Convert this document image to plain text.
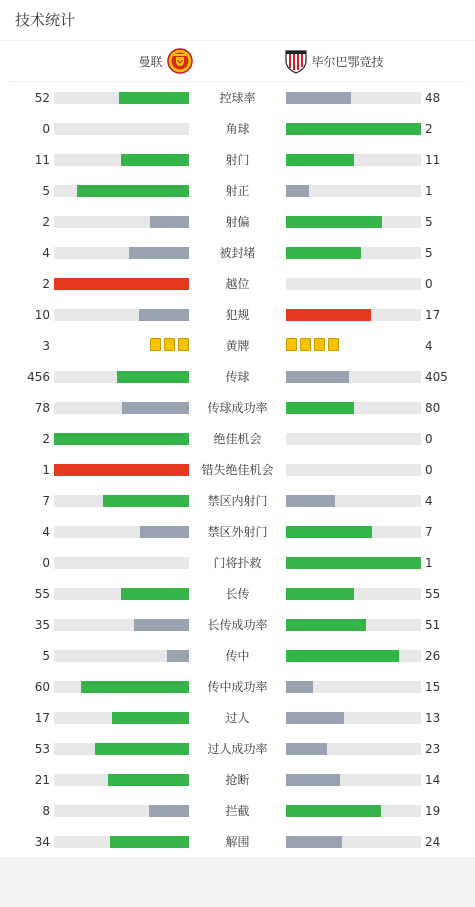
技术统计
曼联	毕尔巴鄂竞技
52	控球率	48
0	角球	2
11	射门	11
5	射正	1
2	射偏	5
4	被封堵	5
2	越位	0
10	犯规	17
3	黄牌	4
456	传球	405
78	传球成功率	80
2	绝佳机会	0
1	错失绝佳机会	0
7	禁区内射门	4
4	禁区外射门	7
0	门将扑救	1
55	长传	55
35	长传成功率	51
5	传中	26
60	传中成功率	15
17	过人	13
53	过人成功率	23
21	抢断	14
8	拦截	19
34	解围	24
